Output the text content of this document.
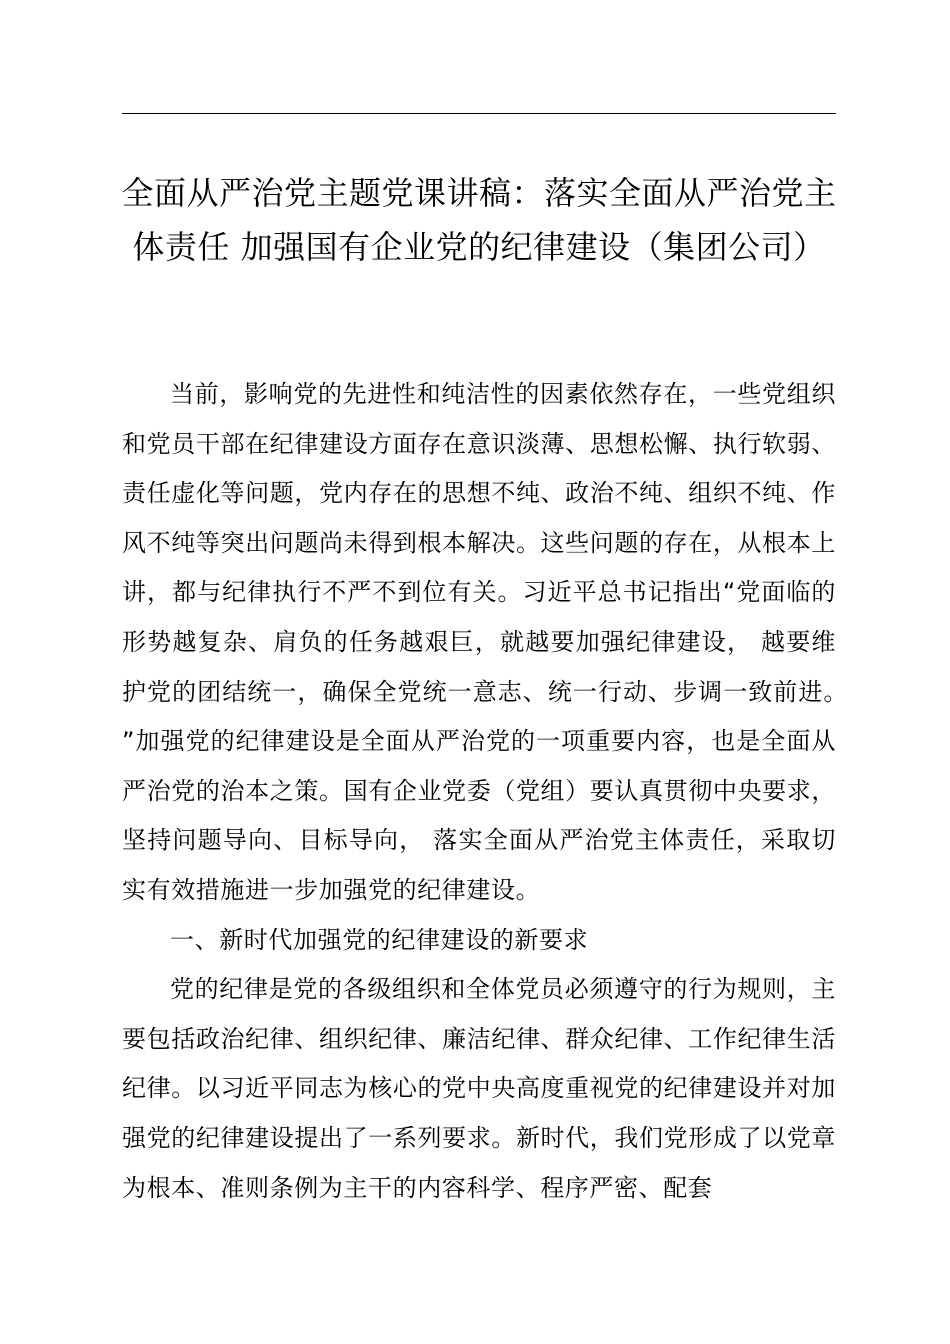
全面从严治党主题党课讲稿：落实全面从严治党主体责任 加强国有企业党的纪律建设（集团公司）

当前，影响党的先进性和纯洁性的因素依然存在，一些党组织和党员干部在纪律建设方面存在意识淡薄、思想松懈、执行软弱、责任虚化等问题，党内存在的思想不纯、政治不纯、组织不纯、作风不纯等突出问题尚未得到根本解决。这些问题的存在，从根本上讲，都与纪律执行不严不到位有关。习近平总书记指出“党面临的形势越复杂、肩负的任务越艰巨，就越要加强纪律建设， 越要维护党的团结统一，确保全党统一意志、统一行动、步调一致前进。”加强党的纪律建设是全面从严治党的一项重要内容，也是全面从严治党的治本之策。国有企业党委（党组）要认真贯彻中央要求，坚持问题导向、目标导向， 落实全面从严治党主体责任，采取切实有效措施进一步加强党的纪律建设。

一、新时代加强党的纪律建设的新要求

党的纪律是党的各级组织和全体党员必须遵守的行为规则，主要包括政治纪律、组织纪律、廉洁纪律、群众纪律、工作纪律生活纪律。以习近平同志为核心的党中央高度重视党的纪律建设并对加强党的纪律建设提出了一系列要求。新时代，我们党形成了以党章为根本、准则条例为主干的内容科学、程序严密、配套
